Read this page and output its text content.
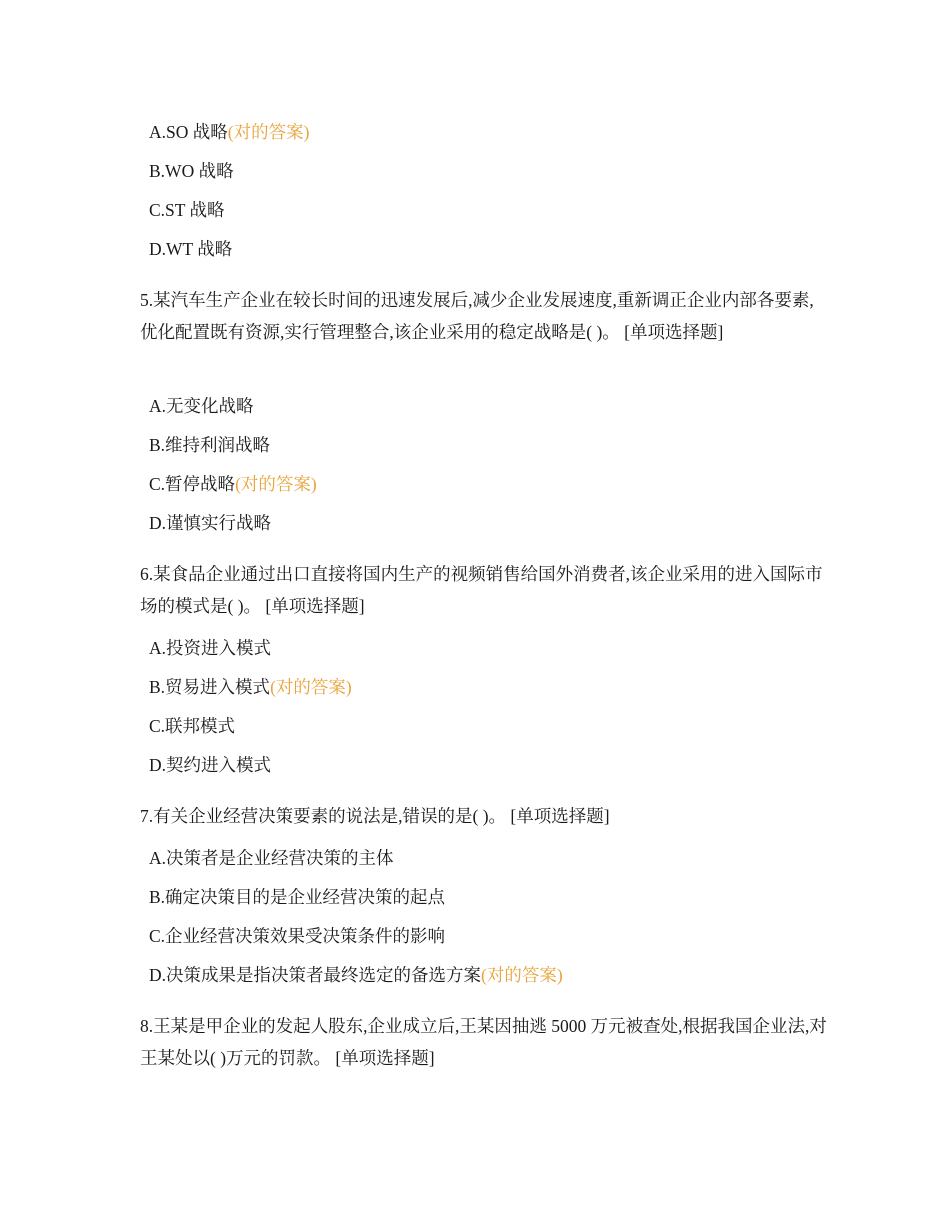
A.SO 战略(对的答案)
B.WO 战略
C.ST 战略
D.WT 战略
5.某汽车生产企业在较长时间的迅速发展后,减少企业发展速度,重新调正企业内部各要素,优化配置既有资源,实行管理整合,该企业采用的稳定战略是( )。 [单项选择题]
A.无变化战略
B.维持利润战略
C.暂停战略(对的答案)
D.谨慎实行战略
6.某食品企业通过出口直接将国内生产的视频销售给国外消费者,该企业采用的进入国际市场的模式是( )。 [单项选择题]
A.投资进入模式
B.贸易进入模式(对的答案)
C.联邦模式
D.契约进入模式
7.有关企业经营决策要素的说法是,错误的是( )。 [单项选择题]
A.决策者是企业经营决策的主体
B.确定决策目的是企业经营决策的起点
C.企业经营决策效果受决策条件的影响
D.决策成果是指决策者最终选定的备选方案(对的答案)
8.王某是甲企业的发起人股东,企业成立后,王某因抽逃 5000 万元被查处,根据我国企业法,对王某处以( )万元的罚款。 [单项选择题]
